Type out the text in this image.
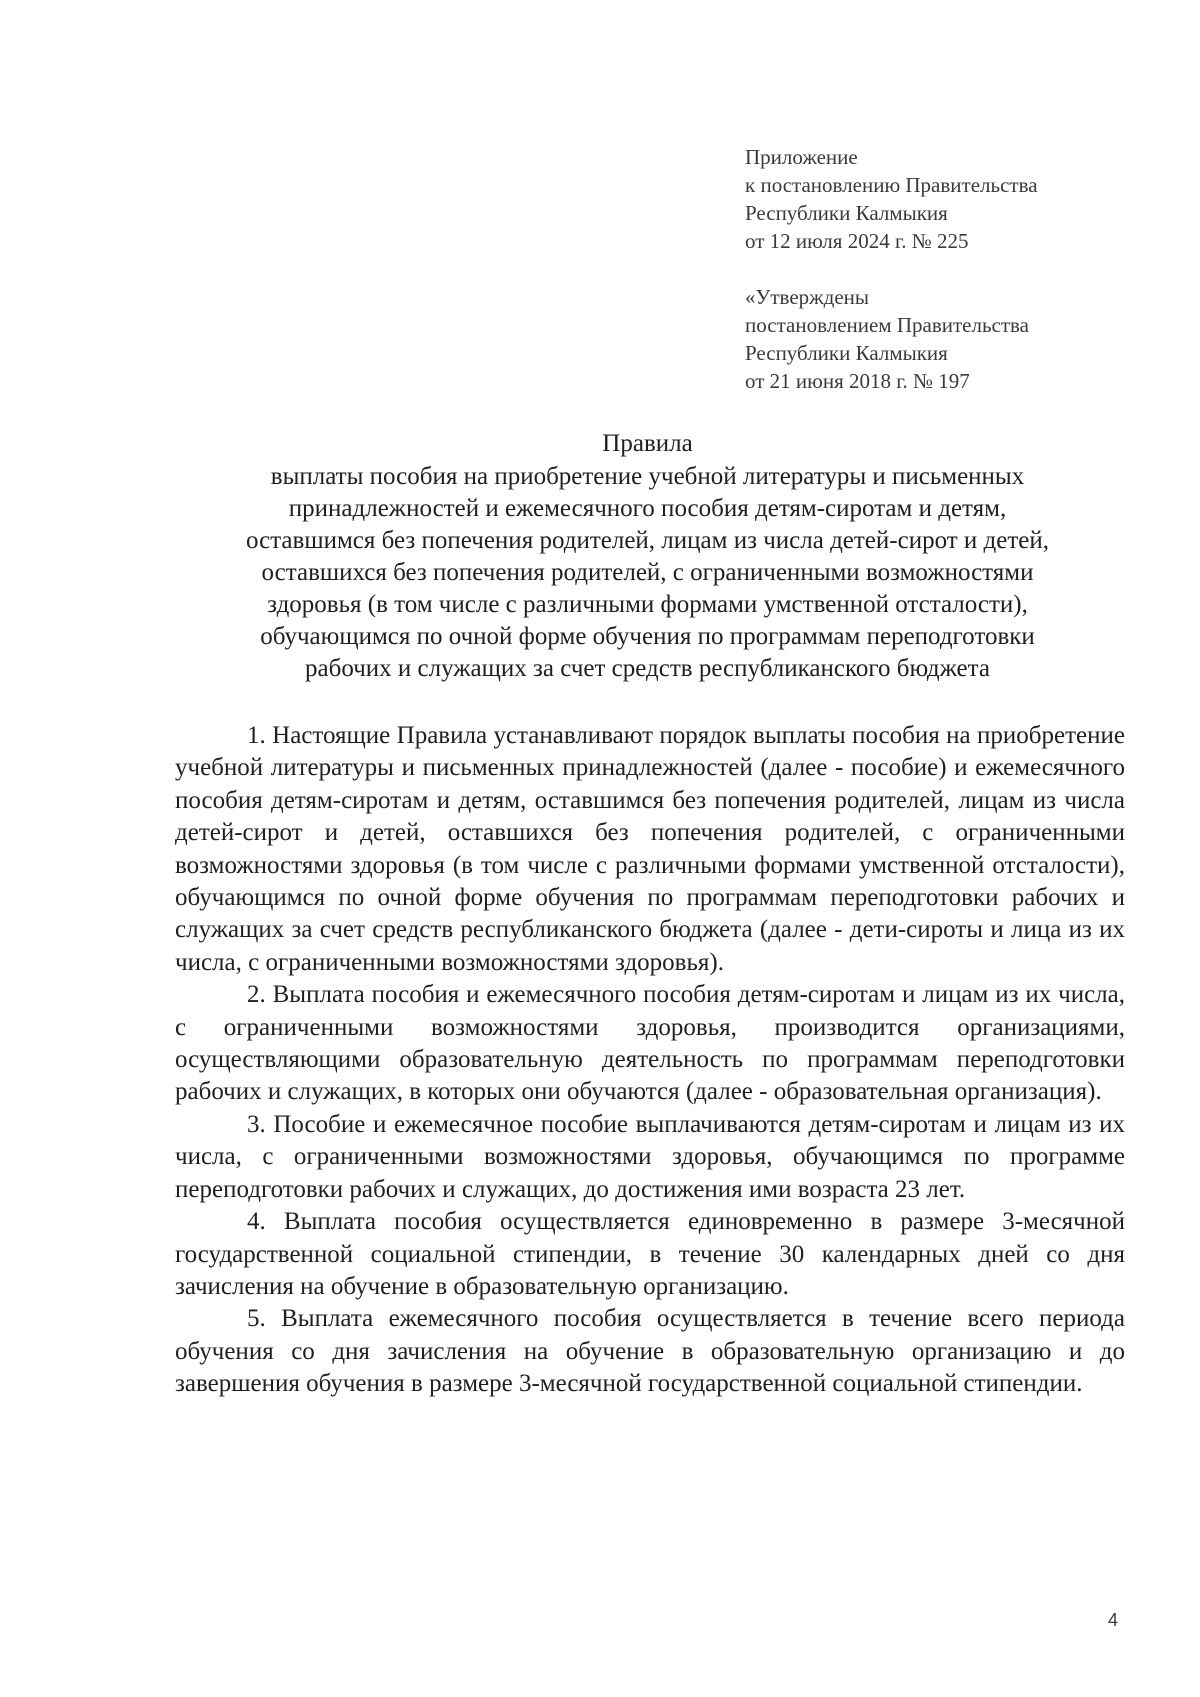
Приложение
к постановлению Правительства
Республики Калмыкия
от 12 июля 2024 г. № 225
«Утверждены
постановлением Правительства
Республики Калмыкия
от 21 июня 2018 г. № 197
Правила
выплаты пособия на приобретение учебной литературы и письменных
принадлежностей и ежемесячного пособия детям-сиротам и детям,
оставшимся без попечения родителей, лицам из числа детей-сирот и детей,
оставшихся без попечения родителей, с ограниченными возможностями
здоровья (в том числе с различными формами умственной отсталости),
обучающимся по очной форме обучения по программам переподготовки
рабочих и служащих за счет средств республиканского бюджета

1. Настоящие Правила устанавливают порядок выплаты пособия на приобретение учебной литературы и письменных принадлежностей (далее - пособие) и ежемесячного пособия детям-сиротам и детям, оставшимся без попечения родителей, лицам из числа детей-сирот и детей, оставшихся без попечения родителей, с ограниченными возможностями здоровья (в том числе с различными формами умственной отсталости), обучающимся по очной форме обучения по программам переподготовки рабочих и служащих за счет средств республиканского бюджета (далее - дети-сироты и лица из их числа, с ограниченными возможностями здоровья).

2. Выплата пособия и ежемесячного пособия детям-сиротам и лицам из их числа, с ограниченными возможностями здоровья, производится организациями, осуществляющими образовательную деятельность по программам переподготовки рабочих и служащих, в которых они обучаются (далее - образовательная организация).

3. Пособие и ежемесячное пособие выплачиваются детям-сиротам и лицам из их числа, с ограниченными возможностями здоровья, обучающимся по программе переподготовки рабочих и служащих, до достижения ими возраста 23 лет.

4. Выплата пособия осуществляется единовременно в размере 3-месячной государственной социальной стипендии, в течение 30 календарных дней со дня зачисления на обучение в образовательную организацию.

5. Выплата ежемесячного пособия осуществляется в течение всего периода обучения со дня зачисления на обучение в образовательную организацию и до завершения обучения в размере 3-месячной государственной социальной стипендии.

4
